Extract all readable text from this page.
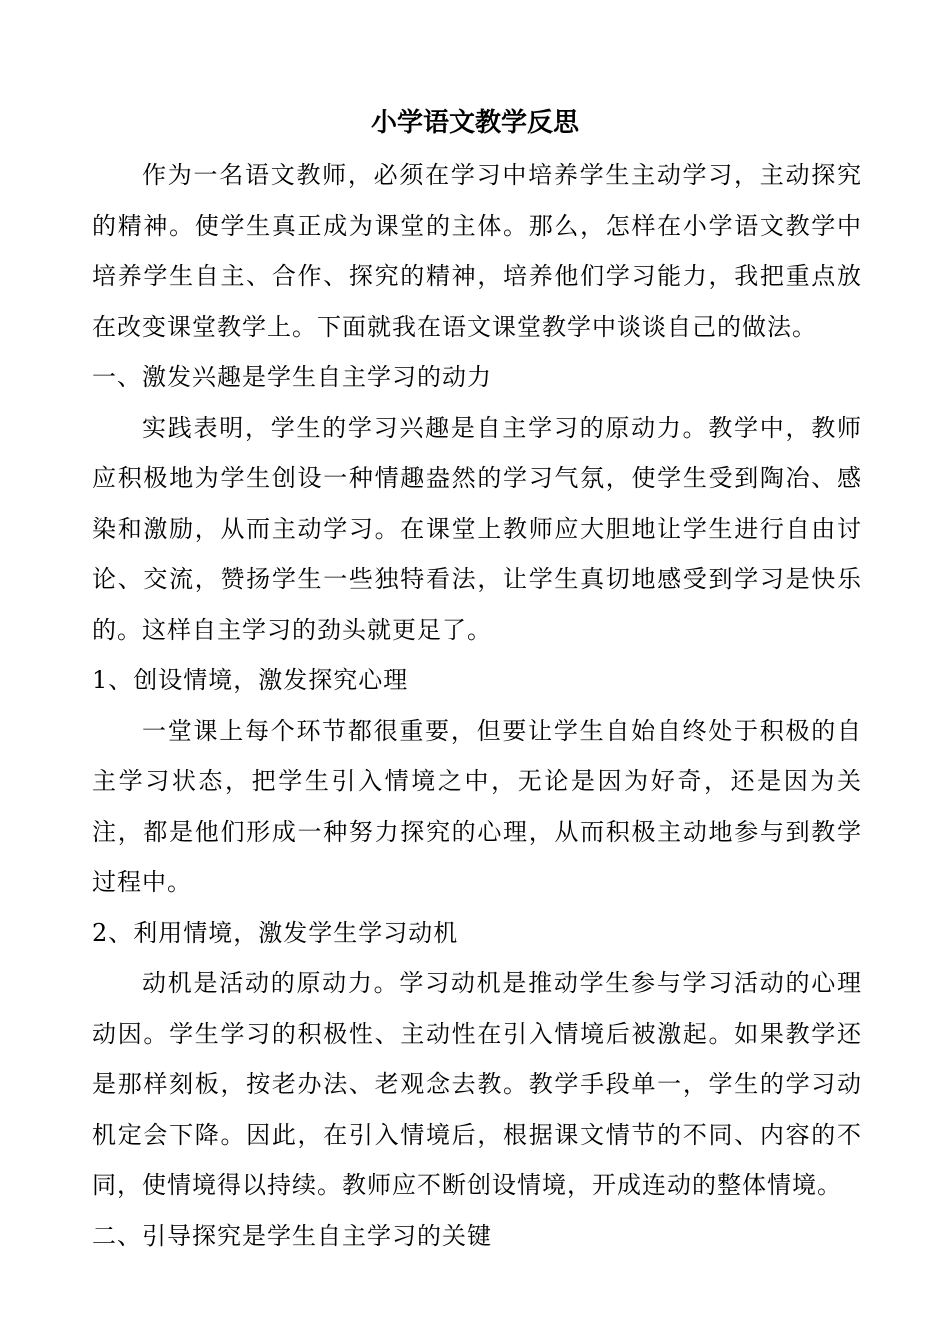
小学语文教学反思

作为一名语文教师，必须在学习中培养学生主动学习，主动探究的精神。使学生真正成为课堂的主体。那么，怎样在小学语文教学中培养学生自主、合作、探究的精神，培养他们学习能力，我把重点放在改变课堂教学上。下面就我在语文课堂教学中谈谈自己的做法。

一、激发兴趣是学生自主学习的动力

实践表明，学生的学习兴趣是自主学习的原动力。教学中，教师应积极地为学生创设一种情趣盎然的学习气氛，使学生受到陶冶、感染和激励，从而主动学习。在课堂上教师应大胆地让学生进行自由讨论、交流，赞扬学生一些独特看法，让学生真切地感受到学习是快乐的。这样自主学习的劲头就更足了。

1、创设情境，激发探究心理

一堂课上每个环节都很重要，但要让学生自始自终处于积极的自主学习状态，把学生引入情境之中，无论是因为好奇，还是因为关注，都是他们形成一种努力探究的心理，从而积极主动地参与到教学过程中。

2、利用情境，激发学生学习动机

动机是活动的原动力。学习动机是推动学生参与学习活动的心理动因。学生学习的积极性、主动性在引入情境后被激起。如果教学还是那样刻板，按老办法、老观念去教。教学手段单一，学生的学习动机定会下降。因此，在引入情境后，根据课文情节的不同、内容的不同，使情境得以持续。教师应不断创设情境，开成连动的整体情境。

二、引导探究是学生自主学习的关键
